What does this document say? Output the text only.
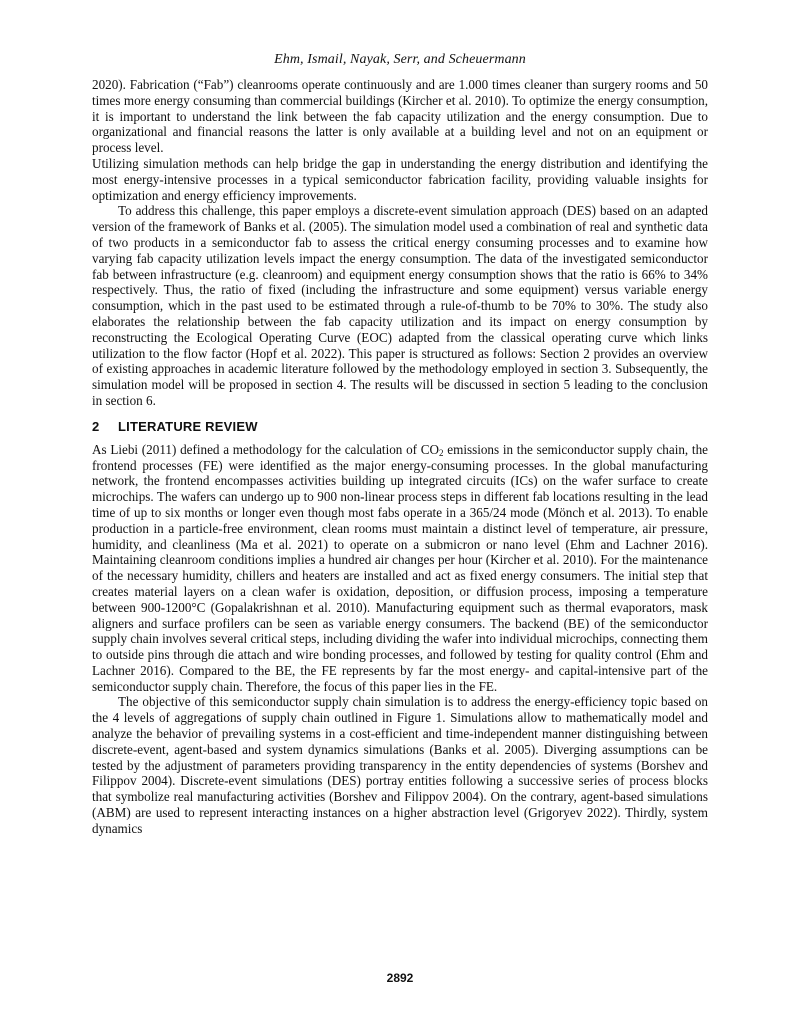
Ehm, Ismail, Nayak, Serr, and Scheuermann

2020). Fabrication (“Fab”) cleanrooms operate continuously and are 1.000 times cleaner than surgery rooms and 50 times more energy consuming than commercial buildings (Kircher et al. 2010). To optimize the energy consumption, it is important to understand the link between the fab capacity utilization and the energy consumption. Due to organizational and financial reasons the latter is only available at a building level and not on an equipment or process level.

Utilizing simulation methods can help bridge the gap in understanding the energy distribution and identifying the most energy-intensive processes in a typical semiconductor fabrication facility, providing valuable insights for optimization and energy efficiency improvements.

To address this challenge, this paper employs a discrete-event simulation approach (DES) based on an adapted version of the framework of Banks et al. (2005). The simulation model used a combination of real and synthetic data of two products in a semiconductor fab to assess the critical energy consuming processes and to examine how varying fab capacity utilization levels impact the energy consumption. The data of the investigated semiconductor fab between infrastructure (e.g. cleanroom) and equipment energy consumption shows that the ratio is 66% to 34% respectively. Thus, the ratio of fixed (including the infrastructure and some equipment) versus variable energy consumption, which in the past used to be estimated through a rule-of-thumb to be 70% to 30%. The study also elaborates the relationship between the fab capacity utilization and its impact on energy consumption by reconstructing the Ecological Operating Curve (EOC) adapted from the classical operating curve which links utilization to the flow factor (Hopf et al. 2022). This paper is structured as follows: Section 2 provides an overview of existing approaches in academic literature followed by the methodology employed in section 3. Subsequently, the simulation model will be proposed in section 4. The results will be discussed in section 5 leading to the conclusion in section 6.

2 LITERATURE REVIEW

As Liebi (2011) defined a methodology for the calculation of $CO_2$ emissions in the semiconductor supply chain, the frontend processes (FE) were identified as the major energy-consuming processes. In the global manufacturing network, the frontend encompasses activities building up integrated circuits (ICs) on the wafer surface to create microchips. The wafers can undergo up to 900 non-linear process steps in different fab locations resulting in the lead time of up to six months or longer even though most fabs operate in a 365/24 mode (Mönch et al. 2013). To enable production in a particle-free environment, clean rooms must maintain a distinct level of temperature, air pressure, humidity, and cleanliness (Ma et al. 2021) to operate on a submicron or nano level (Ehm and Lachner 2016). Maintaining cleanroom conditions implies a hundred air changes per hour (Kircher et al. 2010). For the maintenance of the necessary humidity, chillers and heaters are installed and act as fixed energy consumers. The initial step that creates material layers on a clean wafer is oxidation, deposition, or diffusion process, imposing a temperature between 900-1200°C (Gopalakrishnan et al. 2010). Manufacturing equipment such as thermal evaporators, mask aligners and surface profilers can be seen as variable energy consumers. The backend (BE) of the semiconductor supply chain involves several critical steps, including dividing the wafer into individual microchips, connecting them to outside pins through die attach and wire bonding processes, and followed by testing for quality control (Ehm and Lachner 2016). Compared to the BE, the FE represents by far the most energy- and capital-intensive part of the semiconductor supply chain. Therefore, the focus of this paper lies in the FE.

The objective of this semiconductor supply chain simulation is to address the energy-efficiency topic based on the 4 levels of aggregations of supply chain outlined in Figure 1. Simulations allow to mathematically model and analyze the behavior of prevailing systems in a cost-efficient and time-independent manner distinguishing between discrete-event, agent-based and system dynamics simulations (Banks et al. 2005). Diverging assumptions can be tested by the adjustment of parameters providing transparency in the entity dependencies of systems (Borshev and Filippov 2004). Discrete-event simulations (DES) portray entities following a successive series of process blocks that symbolize real manufacturing activities (Borshev and Filippov 2004). On the contrary, agent-based simulations (ABM) are used to represent interacting instances on a higher abstraction level (Grigoryev 2022). Thirdly, system dynamics

2892
